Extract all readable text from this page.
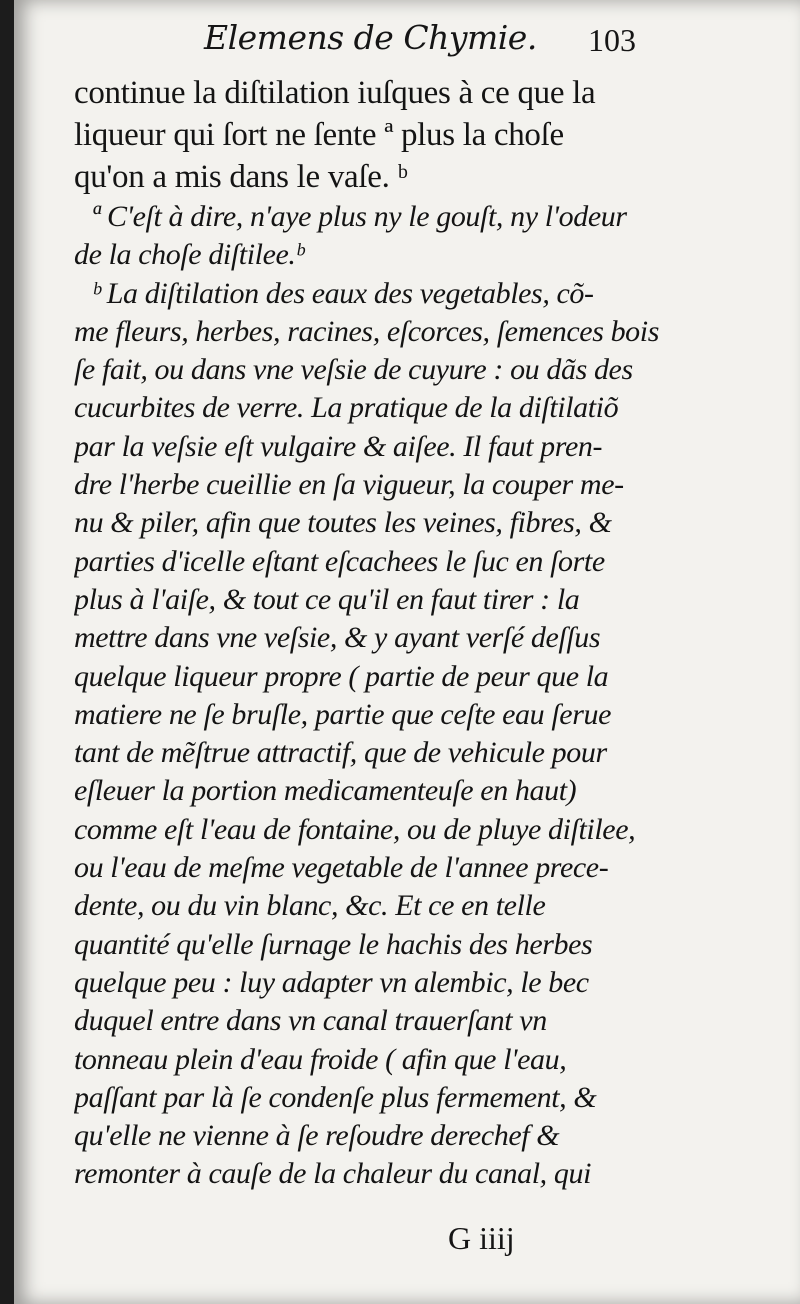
Elemens de Chymie. 103
continue la diſtilation iuſques à ce que la
liqueur qui ſort ne ſente ª plus la choſe
qu'on a mis dans le vaſe. ᵇ
ª C'eſt à dire, n'aye plus ny le gouſt, ny l'odeur
de la choſe diſtilee.ᵇ
ᵇ La diſtilation des eaux des vegetables, cõ-
me fleurs, herbes, racines, eſcorces, ſemences bois
ſe fait, ou dans vne veſsie de cuyure : ou dãs des
cucurbites de verre. La pratique de la diſtilatiõ
par la veſsie eſt vulgaire & aiſee. Il faut pren-
dre l'herbe cueillie en ſa vigueur, la couper me-
nu & piler, afin que toutes les veines, fibres, &
parties d'icelle eſtant eſcachees le ſuc en ſorte
plus à l'aiſe, & tout ce qu'il en faut tirer : la
mettre dans vne veſsie, & y ayant verſé deſſus
quelque liqueur propre ( partie de peur que la
matiere ne ſe bruſle, partie que ceſte eau ſerue
tant de mẽſtrue attractif, que de vehicule pour
eſleuer la portion medicamenteuſe en haut)
comme eſt l'eau de fontaine, ou de pluye diſtilee,
ou l'eau de meſme vegetable de l'annee prece-
dente, ou du vin blanc, &c. Et ce en telle
quantité qu'elle ſurnage le hachis des herbes
quelque peu : luy adapter vn alembic, le bec
duquel entre dans vn canal trauerſant vn
tonneau plein d'eau froide ( afin que l'eau,
paſſant par là ſe condenſe plus fermement, &
qu'elle ne vienne à ſe reſoudre derechef &
remonter à cauſe de la chaleur du canal, qui
G iiij
